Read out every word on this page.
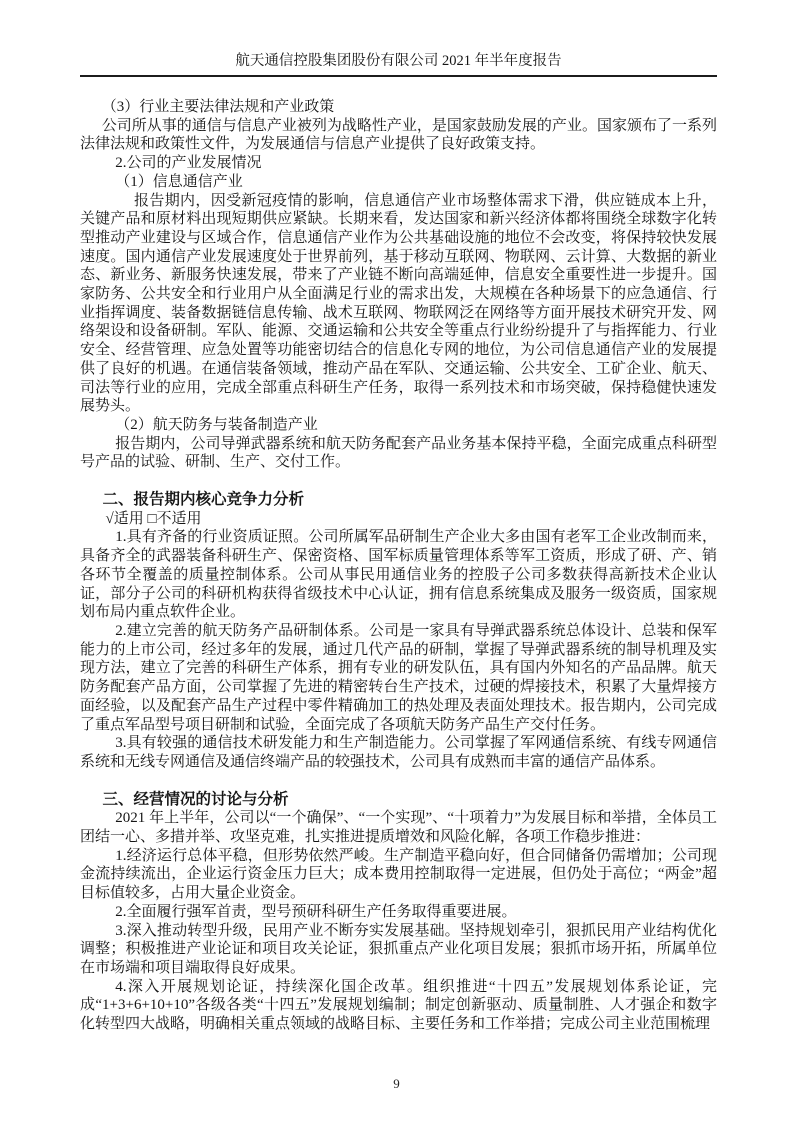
航天通信控股集团股份有限公司 2021 年半年度报告

（3）行业主要法律法规和产业政策

公司所从事的通信与信息产业被列为战略性产业，是国家鼓励发展的产业。国家颁布了一系列法律法规和政策性文件，为发展通信与信息产业提供了良好政策支持。

2.公司的产业发展情况

（1）信息通信产业

报告期内，因受新冠疫情的影响，信息通信产业市场整体需求下滑，供应链成本上升，关键产品和原材料出现短期供应紧缺。长期来看，发达国家和新兴经济体都将围绕全球数字化转型推动产业建设与区域合作，信息通信产业作为公共基础设施的地位不会改变，将保持较快发展速度。国内通信产业发展速度处于世界前列，基于移动互联网、物联网、云计算、大数据的新业态、新业务、新服务快速发展，带来了产业链不断向高端延伸，信息安全重要性进一步提升。国家防务、公共安全和行业用户从全面满足行业的需求出发，大规模在各种场景下的应急通信、行业指挥调度、装备数据链信息传输、战术互联网、物联网泛在网络等方面开展技术研究开发、网络架设和设备研制。军队、能源、交通运输和公共安全等重点行业纷纷提升了与指挥能力、行业安全、经营管理、应急处置等功能密切结合的信息化专网的地位，为公司信息通信产业的发展提供了良好的机遇。在通信装备领域，推动产品在军队、交通运输、公共安全、工矿企业、航天、司法等行业的应用，完成全部重点科研生产任务，取得一系列技术和市场突破，保持稳健快速发展势头。

（2）航天防务与装备制造产业

报告期内，公司导弹武器系统和航天防务配套产品业务基本保持平稳，全面完成重点科研型号产品的试验、研制、生产、交付工作。

二、报告期内核心竞争力分析

√适用 □不适用

1.具有齐备的行业资质证照。公司所属军品研制生产企业大多由国有老军工企业改制而来，具备齐全的武器装备科研生产、保密资格、国军标质量管理体系等军工资质，形成了研、产、销各环节全覆盖的质量控制体系。公司从事民用通信业务的控股子公司多数获得高新技术企业认证，部分子公司的科研机构获得省级技术中心认证，拥有信息系统集成及服务一级资质，国家规划布局内重点软件企业。

2.建立完善的航天防务产品研制体系。公司是一家具有导弹武器系统总体设计、总装和保军能力的上市公司，经过多年的发展，通过几代产品的研制，掌握了导弹武器系统的制导机理及实现方法，建立了完善的科研生产体系，拥有专业的研发队伍，具有国内外知名的产品品牌。航天防务配套产品方面，公司掌握了先进的精密转台生产技术，过硬的焊接技术，积累了大量焊接方面经验，以及配套产品生产过程中零件精确加工的热处理及表面处理技术。报告期内，公司完成了重点军品型号项目研制和试验，全面完成了各项航天防务产品生产交付任务。

3.具有较强的通信技术研发能力和生产制造能力。公司掌握了军网通信系统、有线专网通信系统和无线专网通信及通信终端产品的较强技术，公司具有成熟而丰富的通信产品体系。

三、经营情况的讨论与分析

2021 年上半年，公司以“一个确保”、“一个实现”、“十项着力”为发展目标和举措，全体员工团结一心、多措并举、攻坚克难，扎实推进提质增效和风险化解，各项工作稳步推进：

1.经济运行总体平稳，但形势依然严峻。生产制造平稳向好，但合同储备仍需增加；公司现金流持续流出，企业运行资金压力巨大；成本费用控制取得一定进展，但仍处于高位；“两金”超目标值较多，占用大量企业资金。

2.全面履行强军首责，型号预研科研生产任务取得重要进展。

3.深入推动转型升级，民用产业不断夯实发展基础。坚持规划牵引，狠抓民用产业结构优化调整；积极推进产业论证和项目攻关论证，狠抓重点产业化项目发展；狠抓市场开拓，所属单位在市场端和项目端取得良好成果。

4.深入开展规划论证，持续深化国企改革。组织推进“十四五”发展规划体系论证，完成“1+3+6+10+10”各级各类“十四五”发展规划编制；制定创新驱动、质量制胜、人才强企和数字化转型四大战略，明确相关重点领域的战略目标、主要任务和工作举措；完成公司主业范围梳理

9
